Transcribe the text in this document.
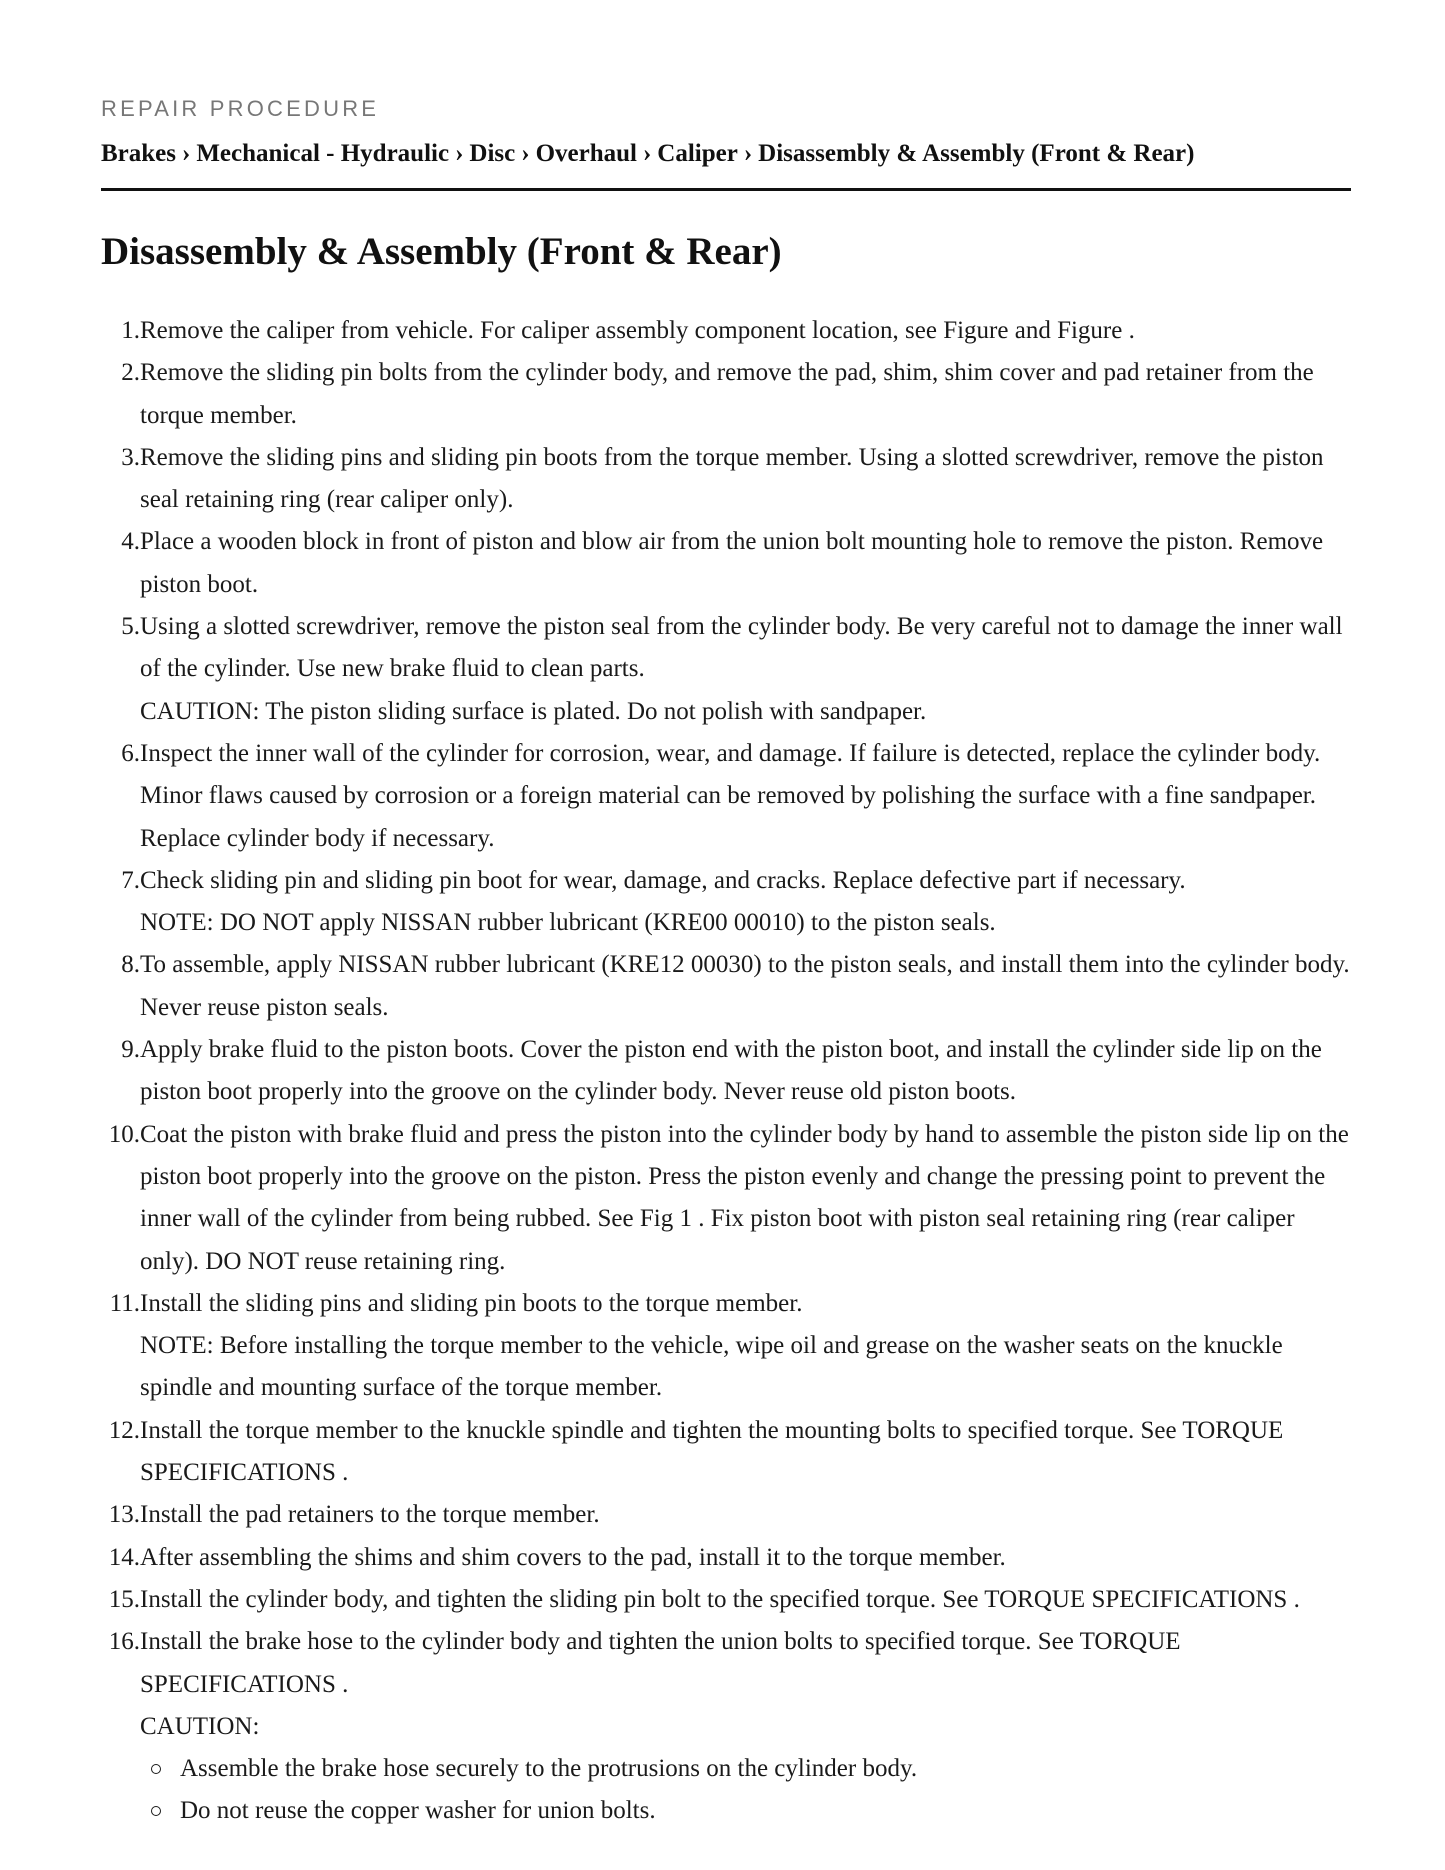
REPAIR PROCEDURE
Brakes › Mechanical - Hydraulic › Disc › Overhaul › Caliper › Disassembly & Assembly (Front & Rear)
Disassembly & Assembly (Front & Rear)
1. Remove the caliper from vehicle. For caliper assembly component location, see Figure and Figure .
2. Remove the sliding pin bolts from the cylinder body, and remove the pad, shim, shim cover and pad retainer from the torque member.
3. Remove the sliding pins and sliding pin boots from the torque member. Using a slotted screwdriver, remove the piston seal retaining ring (rear caliper only).
4. Place a wooden block in front of piston and blow air from the union bolt mounting hole to remove the piston. Remove piston boot.
5. Using a slotted screwdriver, remove the piston seal from the cylinder body. Be very careful not to damage the inner wall of the cylinder. Use new brake fluid to clean parts.
CAUTION: The piston sliding surface is plated. Do not polish with sandpaper.
6. Inspect the inner wall of the cylinder for corrosion, wear, and damage. If failure is detected, replace the cylinder body. Minor flaws caused by corrosion or a foreign material can be removed by polishing the surface with a fine sandpaper. Replace cylinder body if necessary.
7. Check sliding pin and sliding pin boot for wear, damage, and cracks. Replace defective part if necessary.
NOTE: DO NOT apply NISSAN rubber lubricant (KRE00 00010) to the piston seals.
8. To assemble, apply NISSAN rubber lubricant (KRE12 00030) to the piston seals, and install them into the cylinder body. Never reuse piston seals.
9. Apply brake fluid to the piston boots. Cover the piston end with the piston boot, and install the cylinder side lip on the piston boot properly into the groove on the cylinder body. Never reuse old piston boots.
10. Coat the piston with brake fluid and press the piston into the cylinder body by hand to assemble the piston side lip on the piston boot properly into the groove on the piston. Press the piston evenly and change the pressing point to prevent the inner wall of the cylinder from being rubbed. See Fig 1 . Fix piston boot with piston seal retaining ring (rear caliper only). DO NOT reuse retaining ring.
11. Install the sliding pins and sliding pin boots to the torque member.
NOTE: Before installing the torque member to the vehicle, wipe oil and grease on the washer seats on the knuckle spindle and mounting surface of the torque member.
12. Install the torque member to the knuckle spindle and tighten the mounting bolts to specified torque. See TORQUE SPECIFICATIONS .
13. Install the pad retainers to the torque member.
14. After assembling the shims and shim covers to the pad, install it to the torque member.
15. Install the cylinder body, and tighten the sliding pin bolt to the specified torque. See TORQUE SPECIFICATIONS .
16. Install the brake hose to the cylinder body and tighten the union bolts to specified torque. See TORQUE SPECIFICATIONS .
CAUTION:
Assemble the brake hose securely to the protrusions on the cylinder body.
Do not reuse the copper washer for union bolts.
